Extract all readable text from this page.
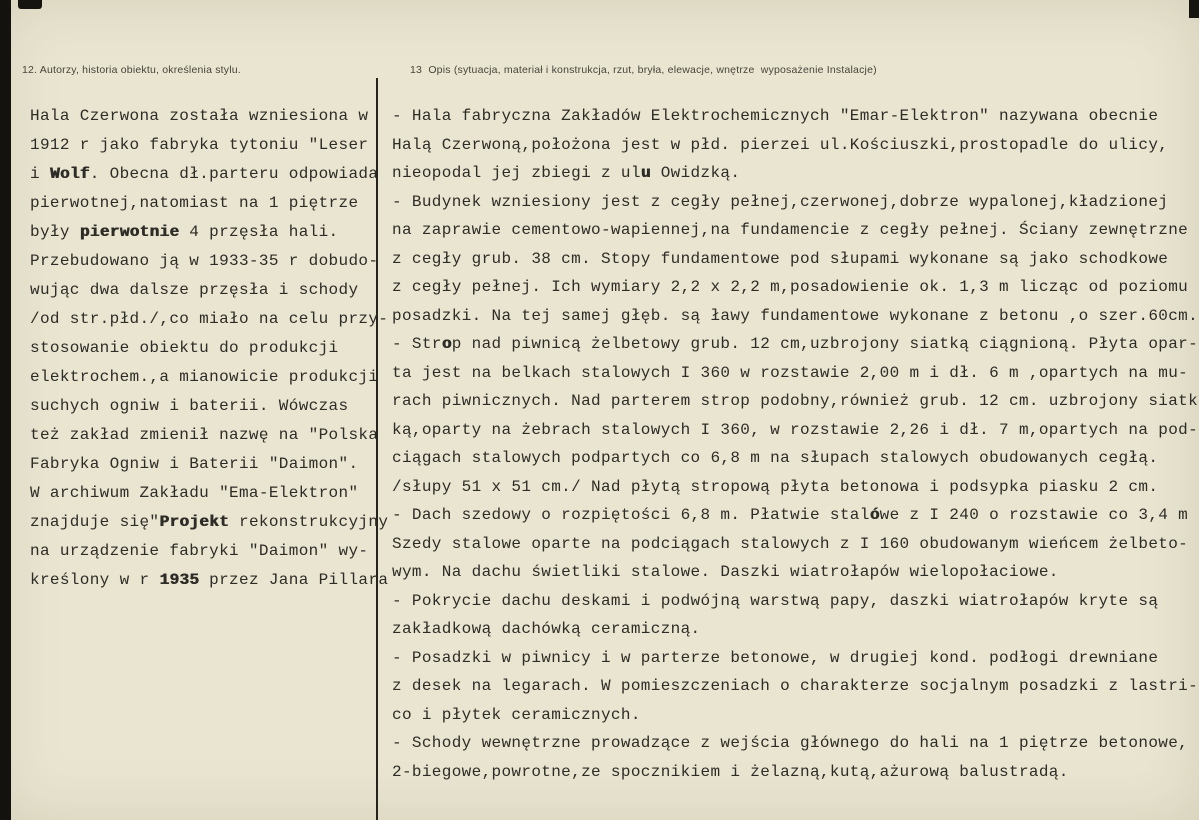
12. Autorzy, historia obiektu, określenia stylu.	13  Opis (sytuacja, materiał i konstrukcja, rzut, bryła, elewacje, wnętrze  wyposażenie Instalacje)
Hala Czerwona została wzniesiona w
1912 r jako fabryka tytoniu "Leser
i Wolf. Obecna dł.parteru odpowiada
pierwotnej,natomiast na 1 piętrze
były pierwotnie 4 przęsła hali.
Przebudowano ją w 1933-35 r dobudo-
wując dwa dalsze przęsła i schody
/od str.płd./,co miało na celu przy-
stosowanie obiektu do produkcji
elektrochem.,a mianowicie produkcji
suchych ogniw i baterii. Wówczas
też zakład zmienił nazwę na "Polska
Fabryka Ogniw i Baterii "Daimon".
W archiwum Zakładu "Ema-Elektron"
znajduje się"Projekt rekonstrukcyjny
na urządzenie fabryki "Daimon" wy-
kreślony w r 1935 przez Jana Pillara
- Hala fabryczna Zakładów Elektrochemicznych "Emar-Elektron" nazywana obecnie
Halą Czerwoną,położona jest w płd. pierzei ul.Kościuszki,prostopadle do ulicy,
nieopodal jej zbiegi z ulu Owidzką.
- Budynek wzniesiony jest z cegły pełnej,czerwonej,dobrze wypalonej,kładzionej
na zaprawie cementowo-wapiennej,na fundamencie z cegły pełnej. Ściany zewnętrzne
z cegły grub. 38 cm. Stopy fundamentowe pod słupami wykonane są jako schodkowe
z cegły pełnej. Ich wymiary 2,2 x 2,2 m,posadowienie ok. 1,3 m licząc od poziomu
posadzki. Na tej samej głęb. są ławy fundamentowe wykonane z betonu ,o szer.60cm.
- Strop nad piwnicą żelbetowy grub. 12 cm,uzbrojony siatką ciągnioną. Płyta opar-
ta jest na belkach stalowych I 360 w rozstawie 2,00 m i dł. 6 m ,opartych na mu-
rach piwnicznych. Nad parterem strop podobny,również grub. 12 cm. uzbrojony siatk
ką,oparty na żebrach stalowych I 360, w rozstawie 2,26 i dł. 7 m,opartych na pod-
ciągach stalowych podpartych co 6,8 m na słupach stalowych obudowanych cegłą.
/słupy 51 x 51 cm./ Nad płytą stropową płyta betonowa i podsypka piasku 2 cm.
- Dach szedowy o rozpiętości 6,8 m. Płatwie stalówe z I 240 o rozstawie co 3,4 m
Szedy stalowe oparte na podciągach stalowych z I 160 obudowanym wieńcem żelbeto-
wym. Na dachu świetliki stalowe. Daszki wiatrołapów wielopołaciowe.
- Pokrycie dachu deskami i podwójną warstwą papy, daszki wiatrołapów kryte są
zakładkową dachówką ceramiczną.
- Posadzki w piwnicy i w parterze betonowe, w drugiej kond. podłogi drewniane
z desek na legarach. W pomieszczeniach o charakterze socjalnym posadzki z lastri-
co i płytek ceramicznych.
- Schody wewnętrzne prowadzące z wejścia głównego do hali na 1 piętrze betonowe,
2-biegowe,powrotne,ze spocznikiem i żelazną,kutą,ażurową balustradą.
